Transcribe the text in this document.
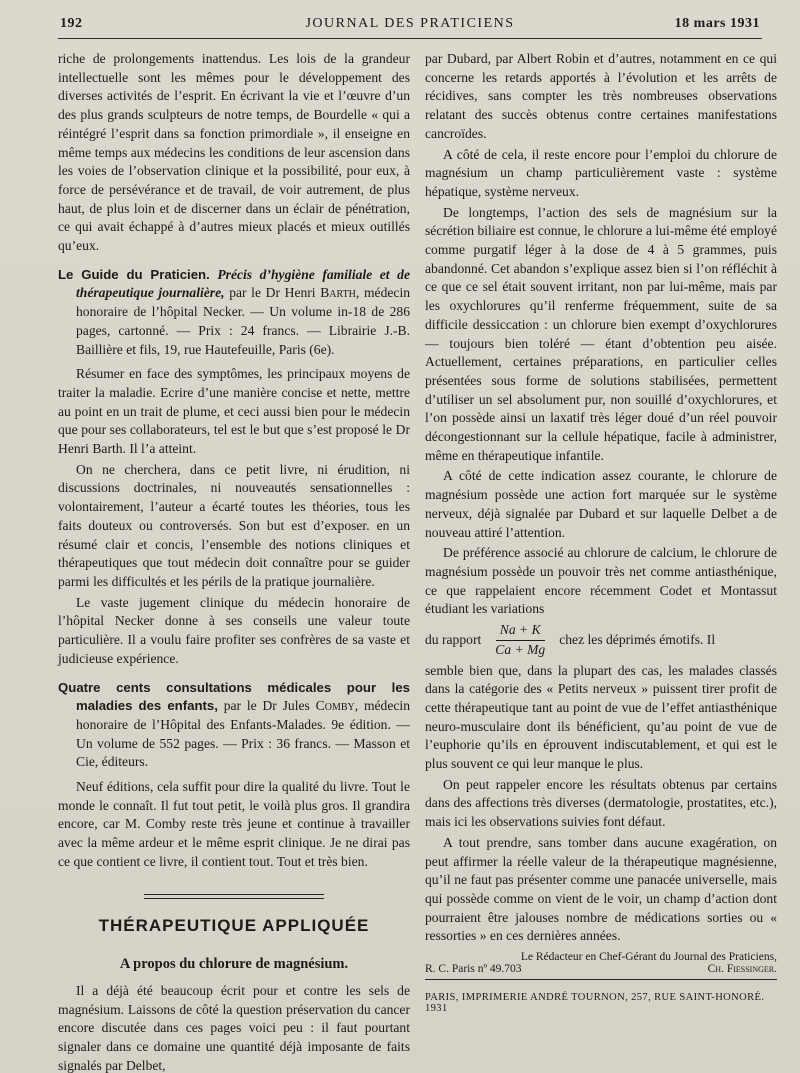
192	JOURNAL DES PRATICIENS	18 mars 1931

riche de prolongements inattendus. Les lois de la grandeur intellectuelle sont les mêmes pour le développement des diverses activités de l’esprit. En écrivant la vie et l’œuvre d’un des plus grands sculpteurs de notre temps, de Bourdelle « qui a réintégré l’esprit dans sa fonction primordiale », il enseigne en même temps aux médecins les conditions de leur ascension dans les voies de l’observation clinique et la possibilité, pour eux, à force de persévérance et de travail, de voir autrement, de plus haut, de plus loin et de discerner dans un éclair de pénétration, ce qui avait échappé à d’autres mieux placés et mieux outillés qu’eux.

Le Guide du Praticien. Précis d’hygiène familiale et de thérapeutique journalière, par le Dr Henri Barth, médecin honoraire de l’hôpital Necker. — Un volume in-18 de 286 pages, cartonné. — Prix : 24 francs. — Librairie J.-B. Baillière et fils, 19, rue Hautefeuille, Paris (6e).

Résumer en face des symptômes, les principaux moyens de traiter la maladie. Ecrire d’une manière concise et nette, mettre au point en un trait de plume, et ceci aussi bien pour le médecin que pour ses collaborateurs, tel est le but que s’est proposé le Dr Henri Barth. Il l’a atteint.

On ne cherchera, dans ce petit livre, ni érudition, ni discussions doctrinales, ni nouveautés sensationnelles : volontairement, l’auteur a écarté toutes les théories, tous les faits douteux ou controversés. Son but est d’exposer. en un résumé clair et concis, l’ensemble des notions cliniques et thérapeutiques que tout médecin doit connaître pour se guider parmi les difficultés et les périls de la pratique journalière.

Le vaste jugement clinique du médecin honoraire de l’hôpital Necker donne à ses conseils une valeur toute particulière. Il a voulu faire profiter ses confrères de sa vaste et judicieuse expérience.

Quatre cents consultations médicales pour les maladies des enfants, par le Dr Jules Comby, médecin honoraire de l’Hôpital des Enfants-Malades. 9e édition. — Un volume de 552 pages. — Prix : 36 francs. — Masson et Cie, éditeurs.

Neuf éditions, cela suffit pour dire la qualité du livre. Tout le monde le connaît. Il fut tout petit, le voilà plus gros. Il grandira encore, car M. Comby reste très jeune et continue à travailler avec la même ardeur et le même esprit clinique. Je ne dirai pas ce que contient ce livre, il contient tout. Tout et très bien.

THÉRAPEUTIQUE APPLIQUÉE
A propos du chlorure de magnésium.

Il a déjà été beaucoup écrit pour et contre les sels de magnésium. Laissons de côté la question préservation du cancer encore discutée dans ces pages voici peu : il faut pourtant signaler dans ce domaine une quantité déjà imposante de faits signalés par Delbet,

par Dubard, par Albert Robin et d’autres, notamment en ce qui concerne les retards apportés à l’évolution et les arrêts de récidives, sans compter les très nombreuses observations relatant des succès obtenus contre certaines manifestations cancroïdes.

A côté de cela, il reste encore pour l’emploi du chlorure de magnésium un champ particulièrement vaste : système hépatique, système nerveux.

De longtemps, l’action des sels de magnésium sur la sécrétion biliaire est connue, le chlorure a lui-même été employé comme purgatif léger à la dose de 4 à 5 grammes, puis abandonné. Cet abandon s’explique assez bien si l’on réfléchit à ce que ce sel était souvent irritant, non par lui-même, mais par les oxychlorures qu’il renferme fréquemment, suite de sa difficile dessiccation : un chlorure bien exempt d’oxychlorures — toujours bien toléré — étant d’obtention peu aisée. Actuellement, certaines préparations, en particulier celles présentées sous forme de solutions stabilisées, permettent d’utiliser un sel absolument pur, non souillé d’oxychlorures, et l’on possède ainsi un laxatif très léger doué d’un réel pouvoir décongestionnant sur la cellule hépatique, facile à administrer, même en thérapeutique infantile.

A côté de cette indication assez courante, le chlorure de magnésium possède une action fort marquée sur le système nerveux, déjà signalée par Dubard et sur laquelle Delbet a de nouveau attiré l’attention.

De préférence associé au chlorure de calcium, le chlorure de magnésium possède un pouvoir très net comme antiasthénique, ce que rappelaient encore récemment Codet et Montassut étudiant les variations

du rapport $\frac{Na + K}{Ca + Mg}$ chez les déprimés émotifs. Il

semble bien que, dans la plupart des cas, les malades classés dans la catégorie des « Petits nerveux » puissent tirer profit de cette thérapeutique tant au point de vue de l’effet antiasthénique neuro-musculaire dont ils bénéficient, qu’au point de vue de l’euphorie qu’ils en éprouvent indiscutablement, et qui est le plus souvent ce qui leur manque le plus.

On peut rappeler encore les résultats obtenus par certains dans des affections très diverses (dermatologie, prostatites, etc.), mais ici les observations suivies font défaut.

A tout prendre, sans tomber dans aucune exagération, on peut affirmer la réelle valeur de la thérapeutique magnésienne, qu’il ne faut pas présenter comme une panacée universelle, mais qui possède comme on vient de le voir, un champ d’action dont pourraient être jalouses nombre de médications sorties ou « ressorties » en ces dernières années.

Le Rédacteur en Chef-Gérant du Journal des Praticiens,
R. C. Paris nº 49.703	Ch. Fiessinger.
PARIS, IMPRIMERIE ANDRÉ TOURNON, 257, RUE SAINT-HONORÉ. 1931
